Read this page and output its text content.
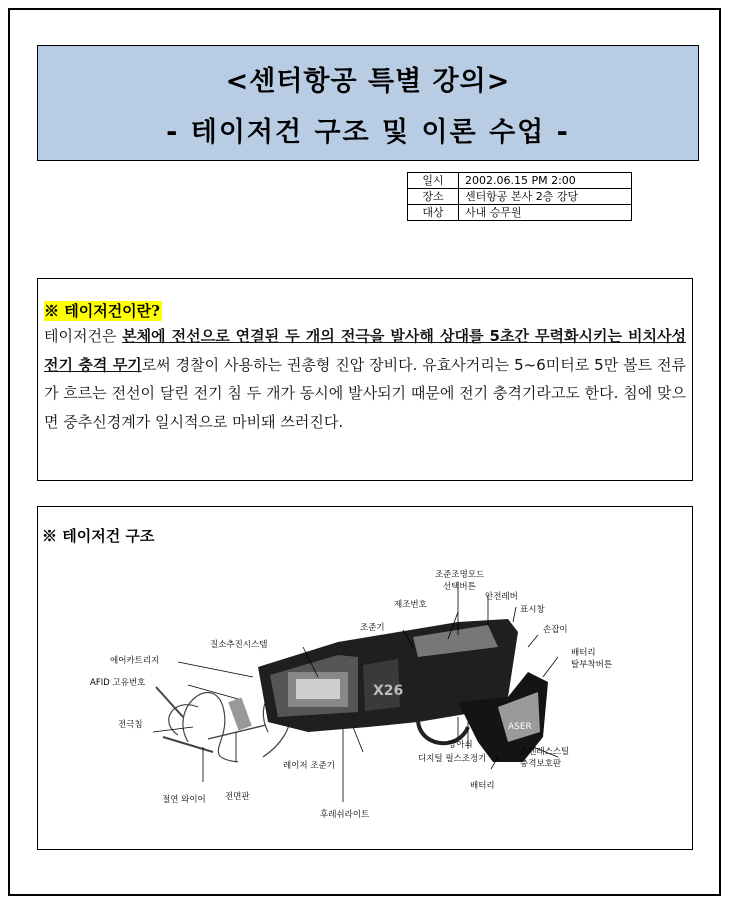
<센터항공 특별 강의>
- 테이저건 구조 및 이론 수업 -
일시	2002.06.15 PM 2:00
장소	센터항공 본사 2층 강당
대상	사내 승무원
※ 테이저건이란?
테이저건은 본체에 전선으로 연결된 두 개의 전극을 발사해 상대를 5초간 무력화시키는 비치사성 전기 충격 무기로써 경찰이 사용하는 권총형 진압 장비다. 유효사거리는 5~6미터로 5만 볼트 전류가 흐르는 전선이 달린 전기 침 두 개가 동시에 발사되기 때문에 전기 충격기라고도 한다. 침에 맞으면 중추신경계가 일시적으로 마비돼 쓰러진다.
※ 테이저건 구조
X26
ASER
조준조명모드
선택버튼
안전레버
제조번호	표시창
조준기	손잡이
질소추진시스템
배터리
탈부착버튼
에어카트리지
AFID 고유번호
전극침
방아쇠
디지털 펄스조정기
스텐레스스틸
충격보호판
레이저 조준기
배터리
절연 와이어 전면판
후레쉬라이트
